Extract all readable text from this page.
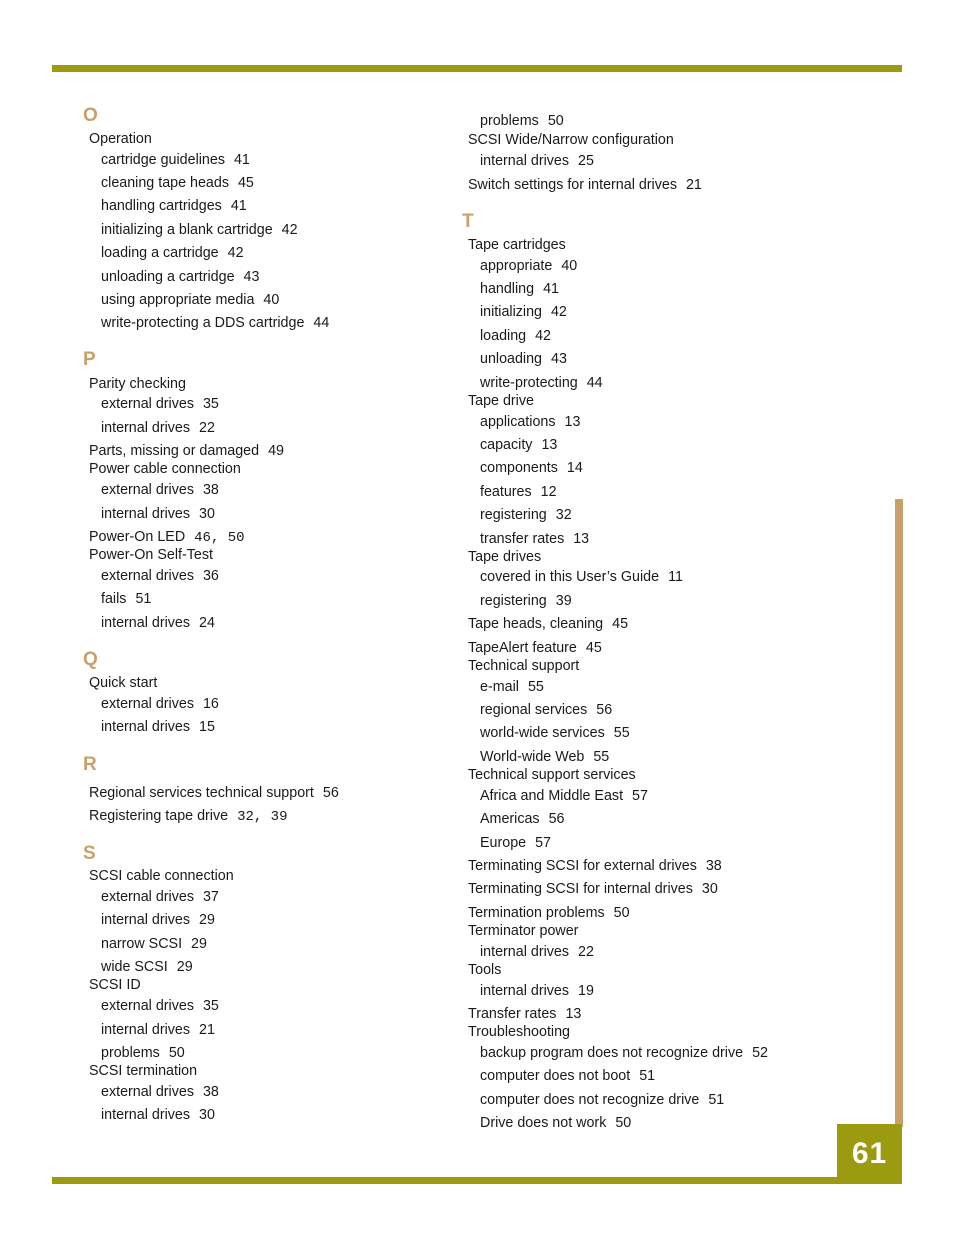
61
O
Operation
cartridge guidelines 41
cleaning tape heads 45
handling cartridges 41
initializing a blank cartridge 42
loading a cartridge 42
unloading a cartridge 43
using appropriate media 40
write-protecting a DDS cartridge 44
P
Parity checking
external drives 35
internal drives 22
Parts, missing or damaged 49
Power cable connection
external drives 38
internal drives 30
Power-On LED 46, 50
Power-On Self-Test
external drives 36
fails 51
internal drives 24
Q
Quick start
external drives 16
internal drives 15
R
Regional services technical support 56
Registering tape drive 32, 39
S
SCSI cable connection
external drives 37
internal drives 29
narrow SCSI 29
wide SCSI 29
SCSI ID
external drives 35
internal drives 21
problems 50
SCSI termination
external drives 38
internal drives 30
problems 50
SCSI Wide/Narrow configuration
internal drives 25
Switch settings for internal drives 21
T
Tape cartridges
appropriate 40
handling 41
initializing 42
loading 42
unloading 43
write-protecting 44
Tape drive
applications 13
capacity 13
components 14
features 12
registering 32
transfer rates 13
Tape drives
covered in this User’s Guide 11
registering 39
Tape heads, cleaning 45
TapeAlert feature 45
Technical support
e-mail 55
regional services 56
world-wide services 55
World-wide Web 55
Technical support services
Africa and Middle East 57
Americas 56
Europe 57
Terminating SCSI for external drives 38
Terminating SCSI for internal drives 30
Termination problems 50
Terminator power
internal drives 22
Tools
internal drives 19
Transfer rates 13
Troubleshooting
backup program does not recognize drive 52
computer does not boot 51
computer does not recognize drive 51
Drive does not work 50
